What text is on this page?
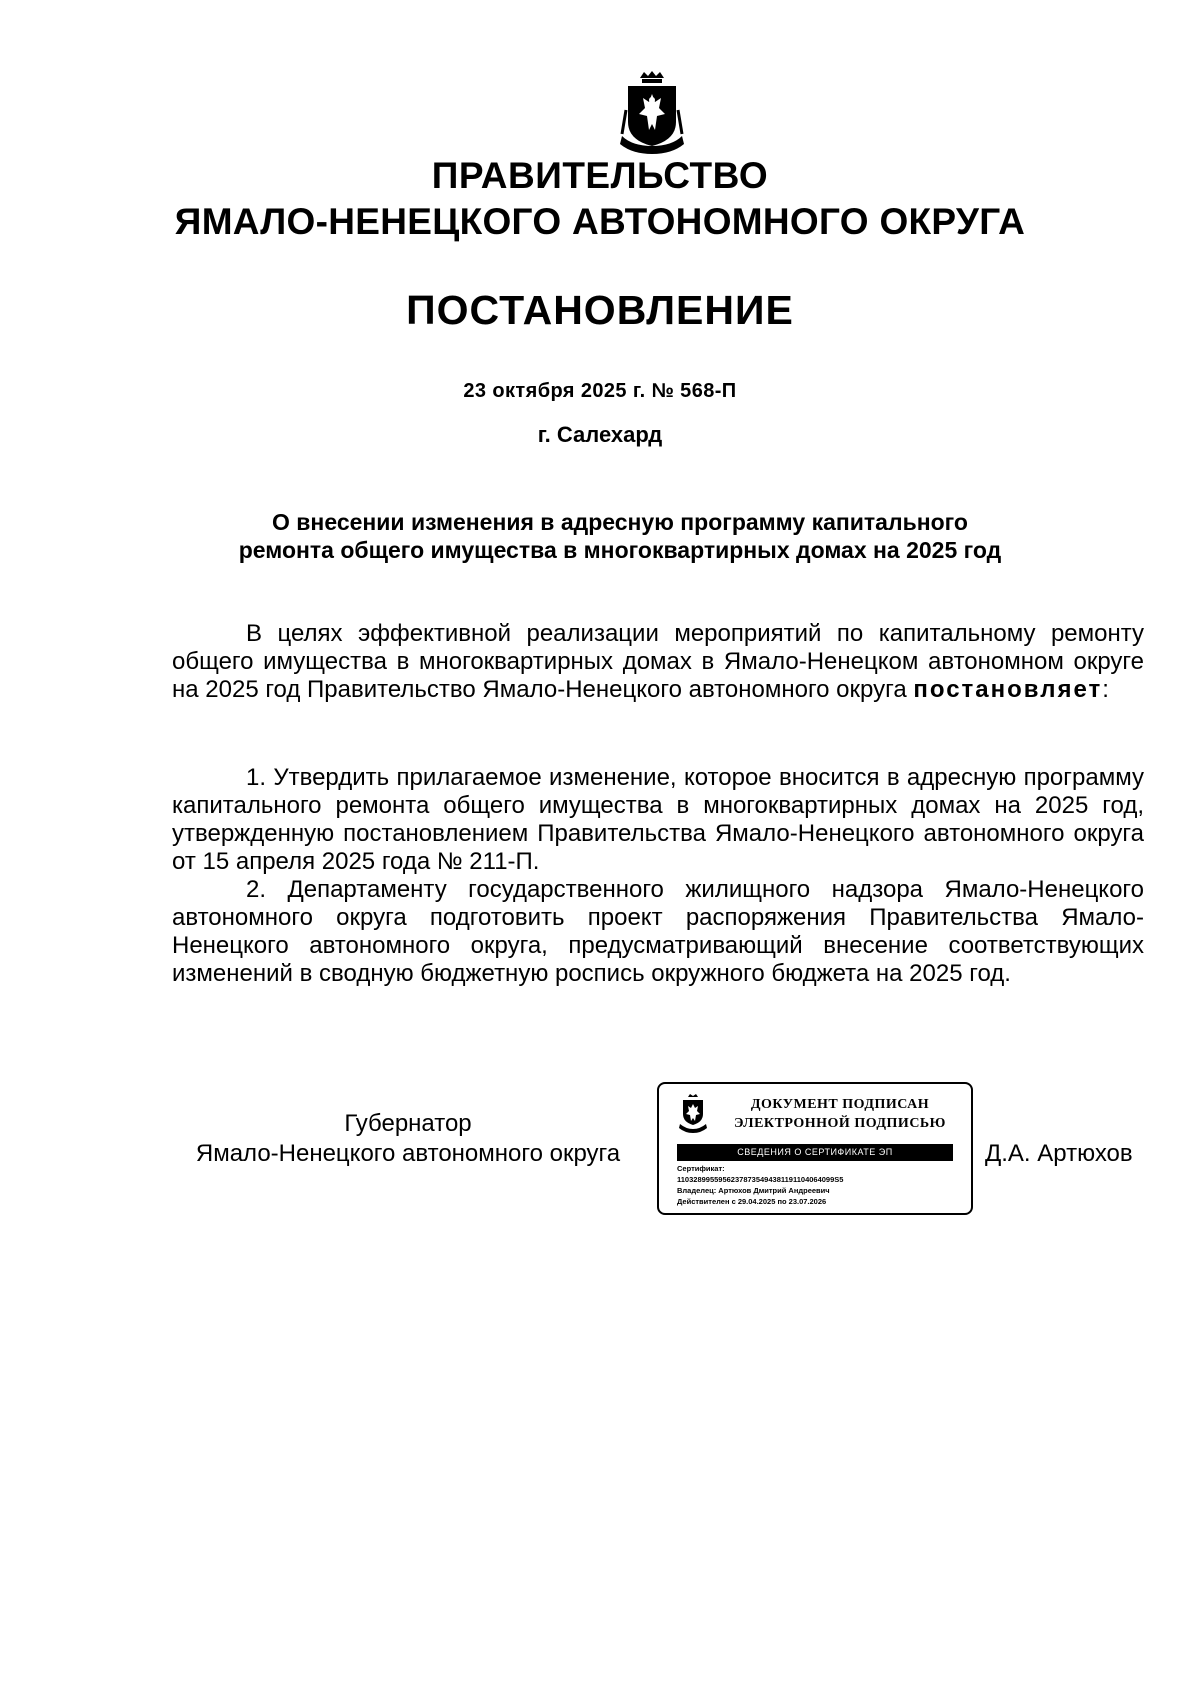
ПРАВИТЕЛЬСТВО
ЯМАЛО-НЕНЕЦКОГО АВТОНОМНОГО ОКРУГА
ПОСТАНОВЛЕНИЕ
23 октября 2025 г. № 568-П
г. Салехард
О внесении изменения в адресную программу капитального
ремонта общего имущества в многоквартирных домах на 2025 год

В целях эффективной реализации мероприятий по капитальному ремонту общего имущества в многоквартирных домах в Ямало-Ненецком автономном округе на 2025 год Правительство Ямало-Ненецкого автономного округа постановляет:

1. Утвердить прилагаемое изменение, которое вносится в адресную программу капитального ремонта общего имущества в многоквартирных домах на 2025 год, утвержденную постановлением Правительства Ямало-Ненецкого автономного округа от 15 апреля 2025 года № 211-П.

2. Департаменту государственного жилищного надзора Ямало-Ненецкого автономного округа подготовить проект распоряжения Правительства Ямало-Ненецкого автономного округа, предусматривающий внесение соответствующих изменений в сводную бюджетную роспись окружного бюджета на 2025 год.

Губернатор
Ямало-Ненецкого автономного округа
ДОКУМЕНТ ПОДПИСАН
ЭЛЕКТРОННОЙ ПОДПИСЬЮ
СВЕДЕНИЯ О СЕРТИФИКАТЕ ЭП
Сертификат:
11032899559562378735494381191104064099S5
Владелец: Артюхов Дмитрий Андреевич
Действителен с 29.04.2025 по 23.07.2026
Д.А. Артюхов
